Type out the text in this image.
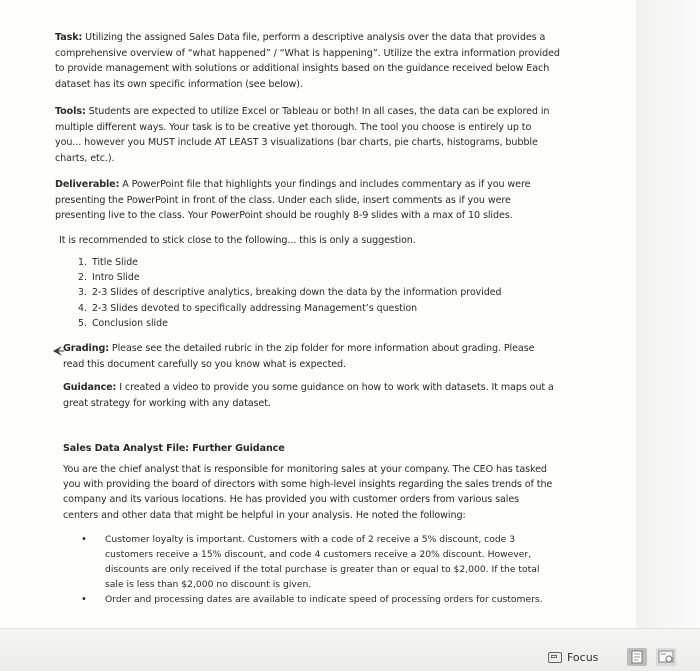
Task: Utilizing the assigned Sales Data file, perform a descriptive analysis over the data that provides a comprehensive overview of “what happened” / “What is happening”. Utilize the extra information provided to provide management with solutions or additional insights based on the guidance received below Each dataset has its own specific information (see below).

Tools: Students are expected to utilize Excel or Tableau or both! In all cases, the data can be explored in multiple different ways. Your task is to be creative yet thorough. The tool you choose is entirely up to you... however you MUST include AT LEAST 3 visualizations (bar charts, pie charts, histograms, bubble charts, etc.).

Deliverable: A PowerPoint file that highlights your findings and includes commentary as if you were presenting the PowerPoint in front of the class. Under each slide, insert comments as if you were presenting live to the class. Your PowerPoint should be roughly 8-9 slides with a max of 10 slides.

It is recommended to stick close to the following... this is only a suggestion.

1. Title Slide
2. Intro Slide
3. 2-3 Slides of descriptive analytics, breaking down the data by the information provided
4. 2-3 Slides devoted to specifically addressing Management’s question
5. Conclusion slide

Grading: Please see the detailed rubric in the zip folder for more information about grading. Please read this document carefully so you know what is expected.

Guidance: I created a video to provide you some guidance on how to work with datasets. It maps out a great strategy for working with any dataset.

Sales Data Analyst File: Further Guidance

You are the chief analyst that is responsible for monitoring sales at your company. The CEO has tasked you with providing the board of directors with some high-level insights regarding the sales trends of the company and its various locations. He has provided you with customer orders from various sales centers and other data that might be helpful in your analysis. He noted the following:

• Customer loyalty is important. Customers with a code of 2 receive a 5% discount, code 3 customers receive a 15% discount, and code 4 customers receive a 20% discount. However, discounts are only received if the total purchase is greater than or equal to $2,000. If the total sale is less than $2,000 no discount is given.
• Order and processing dates are available to indicate speed of processing orders for customers.
Focus
